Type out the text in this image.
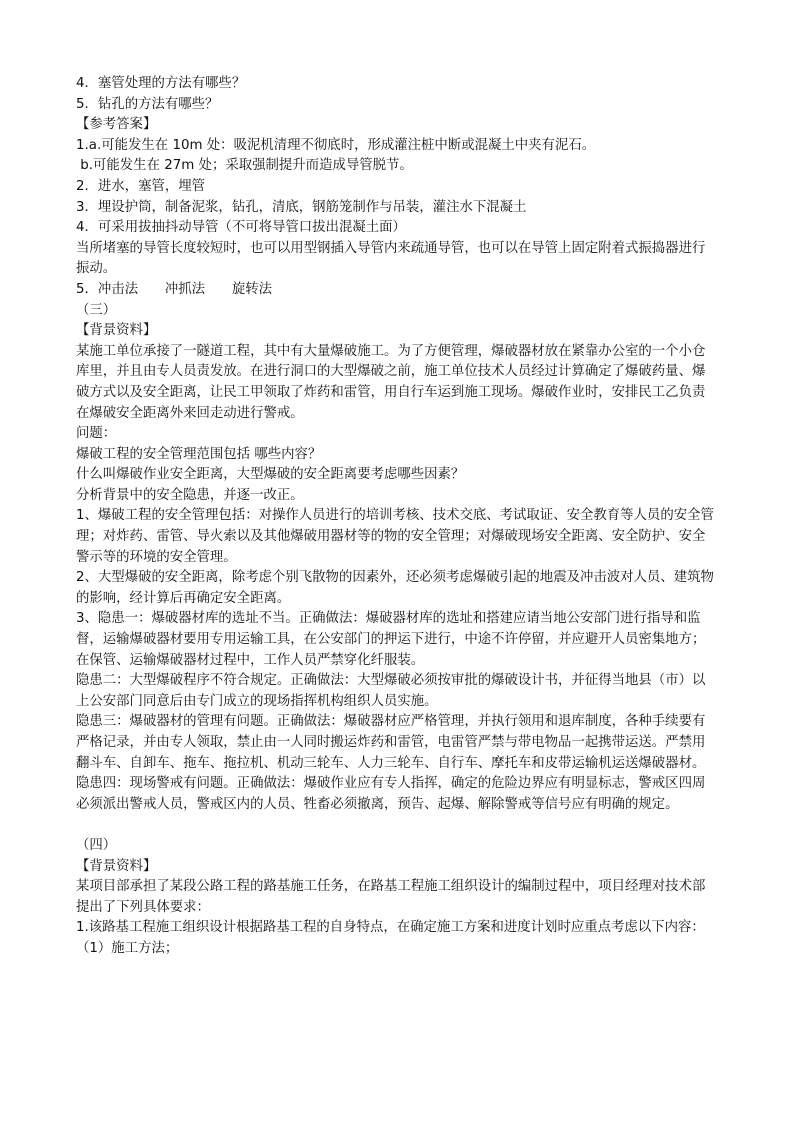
4．塞管处理的方法有哪些？
5．钻孔的方法有哪些？
【参考答案】
1.a.可能发生在 10m 处：吸泥机清理不彻底时，形成灌注桩中断或混凝土中夹有泥石。
b.可能发生在 27m 处；采取强制提升而造成导管脱节。
2．进水，塞管，埋管
3．埋设护筒，制备泥浆，钻孔，清底，钢筋笼制作与吊装，灌注水下混凝土
4．可采用拔抽抖动导管（不可将导管口拔出混凝土面）
当所堵塞的导管长度较短时，也可以用型钢插入导管内来疏通导管，也可以在导管上固定附着式振捣器进行振动。
5．冲击法　　冲抓法　　旋转法
（三）
【背景资料】
某施工单位承接了一隧道工程，其中有大量爆破施工。为了方便管理，爆破器材放在紧靠办公室的一个小仓库里，并且由专人员责发放。在进行洞口的大型爆破之前，施工单位技术人员经过计算确定了爆破药量、爆破方式以及安全距离，让民工甲领取了炸药和雷管，用自行车运到施工现场。爆破作业时，安排民工乙负责在爆破安全距离外来回走动进行警戒。
问题：
爆破工程的安全管理范围包括 哪些内容？
什么叫爆破作业安全距离，大型爆破的安全距离要考虑哪些因素？
分析背景中的安全隐患，并逐一改正。
1、爆破工程的安全管理包括：对操作人员进行的培训考核、技术交底、考试取证、安全教育等人员的安全管理；对炸药、雷管、导火索以及其他爆破用器材等的物的安全管理；对爆破现场安全距离、安全防护、安全警示等的环境的安全管理。
2、大型爆破的安全距离，除考虑个别飞散物的因素外，还必须考虑爆破引起的地震及冲击波对人员、建筑物的影响，经计算后再确定安全距离。
3、隐患一：爆破器材库的选址不当。正确做法：爆破器材库的选址和搭建应请当地公安部门进行指导和监督，运输爆破器材要用专用运输工具，在公安部门的押运下进行，中途不许停留，并应避开人员密集地方；在保管、运输爆破器材过程中，工作人员严禁穿化纤服装。
隐患二：大型爆破程序不符合规定。正确做法：大型爆破必须按审批的爆破设计书，并征得当地县（市）以上公安部门同意后由专门成立的现场指挥机构组织人员实施。
隐患三：爆破器材的管理有问题。正确做法：爆破器材应严格管理，并执行领用和退库制度，各种手续要有严格记录，并由专人领取，禁止由一人同时搬运炸药和雷管，电雷管严禁与带电物品一起携带运送。严禁用翻斗车、自卸车、拖车、拖拉机、机动三轮车、人力三轮车、自行车、摩托车和皮带运输机运送爆破器材。
隐患四：现场警戒有问题。正确做法：爆破作业应有专人指挥，确定的危险边界应有明显标志，警戒区四周必须派出警戒人员，警戒区内的人员、牲畜必须撤离，预告、起爆、解除警戒等信号应有明确的规定。
（四）
【背景资料】
某项目部承担了某段公路工程的路基施工任务，在路基工程施工组织设计的编制过程中，项目经理对技术部提出了下列具体要求：
1.该路基工程施工组织设计根据路基工程的自身特点，在确定施工方案和进度计划时应重点考虑以下内容：
（1）施工方法；
